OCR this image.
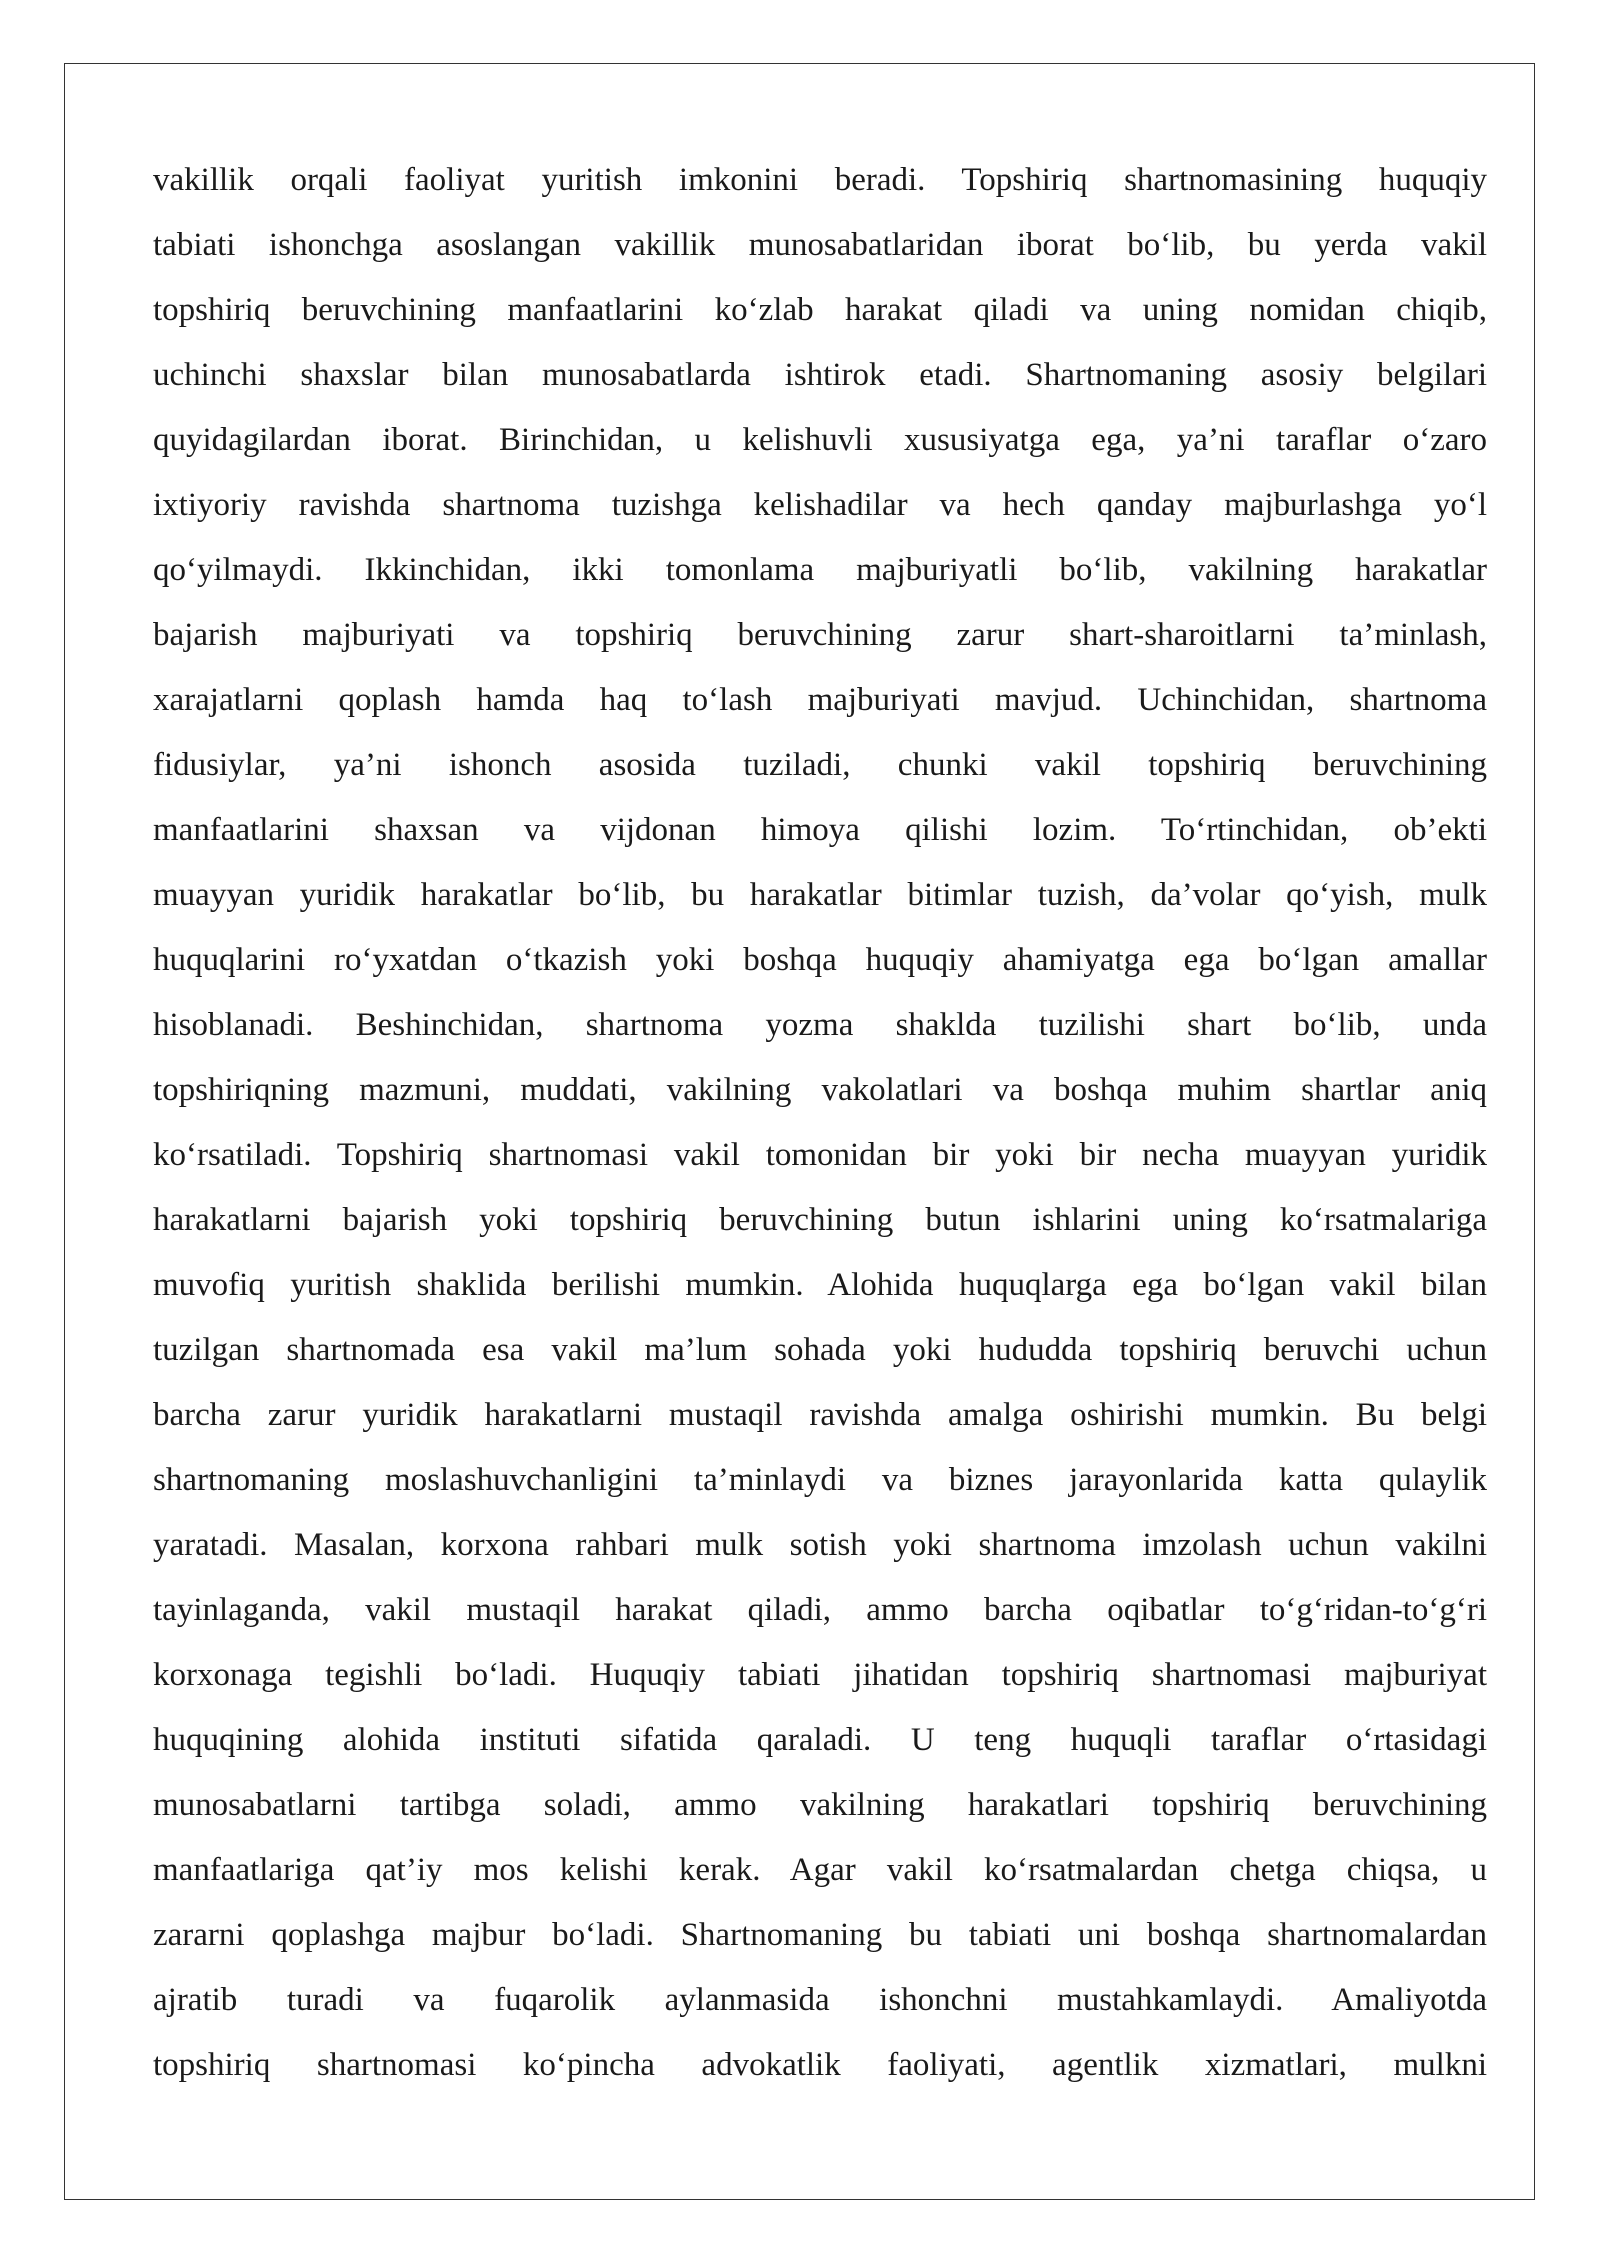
vakillik orqali faoliyat yuritish imkonini beradi. Topshiriq shartnomasining huquqiy
tabiati ishonchga asoslangan vakillik munosabatlaridan iborat bo‘lib, bu yerda vakil
topshiriq beruvchining manfaatlarini ko‘zlab harakat qiladi va uning nomidan chiqib,
uchinchi shaxslar bilan munosabatlarda ishtirok etadi. Shartnomaning asosiy belgilari
quyidagilardan iborat. Birinchidan, u kelishuvli xususiyatga ega, ya’ni taraflar o‘zaro
ixtiyoriy ravishda shartnoma tuzishga kelishadilar va hech qanday majburlashga yo‘l
qo‘yilmaydi. Ikkinchidan, ikki tomonlama majburiyatli bo‘lib, vakilning harakatlar
bajarish majburiyati va topshiriq beruvchining zarur shart-sharoitlarni ta’minlash,
xarajatlarni qoplash hamda haq to‘lash majburiyati mavjud. Uchinchidan, shartnoma
fidusiylar, ya’ni ishonch asosida tuziladi, chunki vakil topshiriq beruvchining
manfaatlarini shaxsan va vijdonan himoya qilishi lozim. To‘rtinchidan, ob’ekti
muayyan yuridik harakatlar bo‘lib, bu harakatlar bitimlar tuzish, da’volar qo‘yish, mulk
huquqlarini ro‘yxatdan o‘tkazish yoki boshqa huquqiy ahamiyatga ega bo‘lgan amallar
hisoblanadi. Beshinchidan, shartnoma yozma shaklda tuzilishi shart bo‘lib, unda
topshiriqning mazmuni, muddati, vakilning vakolatlari va boshqa muhim shartlar aniq
ko‘rsatiladi. Topshiriq shartnomasi vakil tomonidan bir yoki bir necha muayyan yuridik
harakatlarni bajarish yoki topshiriq beruvchining butun ishlarini uning ko‘rsatmalariga
muvofiq yuritish shaklida berilishi mumkin. Alohida huquqlarga ega bo‘lgan vakil bilan
tuzilgan shartnomada esa vakil ma’lum sohada yoki hududda topshiriq beruvchi uchun
barcha zarur yuridik harakatlarni mustaqil ravishda amalga oshirishi mumkin. Bu belgi
shartnomaning moslashuvchanligini ta’minlaydi va biznes jarayonlarida katta qulaylik
yaratadi. Masalan, korxona rahbari mulk sotish yoki shartnoma imzolash uchun vakilni
tayinlaganda, vakil mustaqil harakat qiladi, ammo barcha oqibatlar to‘g‘ridan-to‘g‘ri
korxonaga tegishli bo‘ladi. Huquqiy tabiati jihatidan topshiriq shartnomasi majburiyat
huquqining alohida instituti sifatida qaraladi. U teng huquqli taraflar o‘rtasidagi
munosabatlarni tartibga soladi, ammo vakilning harakatlari topshiriq beruvchining
manfaatlariga qat’iy mos kelishi kerak. Agar vakil ko‘rsatmalardan chetga chiqsa, u
zararni qoplashga majbur bo‘ladi. Shartnomaning bu tabiati uni boshqa shartnomalardan
ajratib turadi va fuqarolik aylanmasida ishonchni mustahkamlaydi. Amaliyotda
topshiriq shartnomasi ko‘pincha advokatlik faoliyati, agentlik xizmatlari, mulkni
